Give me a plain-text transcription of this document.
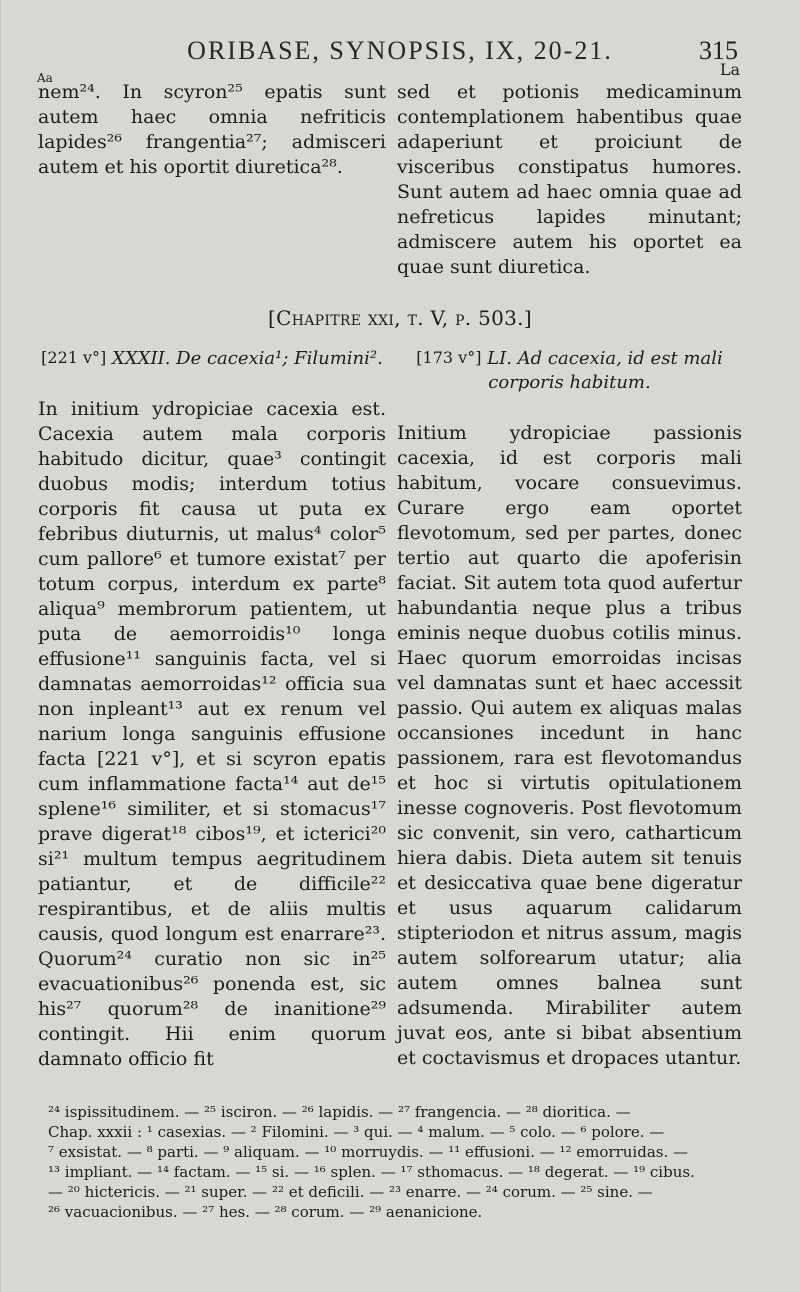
ORIBASE, SYNOPSIS, IX, 20-21.	315
La
Aa

nem²⁴. In scyron²⁵ epatis sunt autem haec omnia nefriticis lapides²⁶ frangentia²⁷; admisceri autem et his oportit diuretica²⁸.

sed et potionis medicaminum contemplationem habentibus quae adaperiunt et proiciunt de visceribus constipatus humores. Sunt autem ad haec omnia quae ad nefreticus lapides minutant; admiscere autem his oportet ea quae sunt diuretica.

[Chapitre xxi, t. V, p. 503.]
[221 v°] XXXII. De cacexia¹; Filumini².

In initium ydropiciae cacexia est. Cacexia autem mala corporis habitudo dicitur, quae³ contingit duobus modis; interdum totius corporis fit causa ut puta ex febribus diuturnis, ut malus⁴ color⁵ cum pallore⁶ et tumore existat⁷ per totum corpus, interdum ex parte⁸ aliqua⁹ membrorum patientem, ut puta de aemorroidis¹⁰ longa effusione¹¹ sanguinis facta, vel si damnatas aemorroidas¹² officia sua non inpleant¹³ aut ex renum vel narium longa sanguinis effusione facta [221 v°], et si scyron epatis cum inflammatione facta¹⁴ aut de¹⁵ splene¹⁶ similiter, et si stomacus¹⁷ prave digerat¹⁸ cibos¹⁹, et icterici²⁰ si²¹ multum tempus aegritudinem patiantur, et de difficile²² respirantibus, et de aliis multis causis, quod longum est enarrare²³. Quorum²⁴ curatio non sic in²⁵ evacuationibus²⁶ ponenda est, sic his²⁷ quorum²⁸ de inanitione²⁹ contingit. Hii enim quorum damnato officio fit

[173 v°] LI. Ad cacexia, id est mali corporis habitum.

Initium ydropiciae passionis cacexia, id est corporis mali habitum, vocare consuevimus. Curare ergo eam oportet flevotomum, sed per partes, donec tertio aut quarto die apoferisin faciat. Sit autem tota quod aufertur habundantia neque plus a tribus eminis neque duobus cotilis minus. Haec quorum emorroidas incisas vel damnatas sunt et haec accessit passio. Qui autem ex aliquas malas occansiones incedunt in hanc passionem, rara est flevotomandus et hoc si virtutis opitulationem inesse cognoveris. Post flevotomum sic convenit, sin vero, catharticum hiera dabis. Dieta autem sit tenuis et desiccativa quae bene digeratur et usus aquarum calidarum stipteriodon et nitrus assum, magis autem solforearum utatur; alia autem omnes balnea sunt adsumenda. Mirabiliter autem juvat eos, ante si bibat absentium et coctavismus et dropaces utantur.

²⁴ ispissitudinem. — ²⁵ isciron. — ²⁶ lapidis. — ²⁷ frangencia. — ²⁸ dioritica. —

Chap. xxxii : ¹ casexias. — ² Filomini. — ³ qui. — ⁴ malum. — ⁵ colo. — ⁶ polore. —

⁷ exsistat. — ⁸ parti. — ⁹ aliquam. — ¹⁰ morruydis. — ¹¹ effusioni. — ¹² emorruidas. —

¹³ impliant. — ¹⁴ factam. — ¹⁵ si. — ¹⁶ splen. — ¹⁷ sthomacus. — ¹⁸ degerat. — ¹⁹ cibus.

— ²⁰ hictericis. — ²¹ super. — ²² et deficili. — ²³ enarre. — ²⁴ corum. — ²⁵ sine. —

²⁶ vacuacionibus. — ²⁷ hes. — ²⁸ corum. — ²⁹ aenanicione.
